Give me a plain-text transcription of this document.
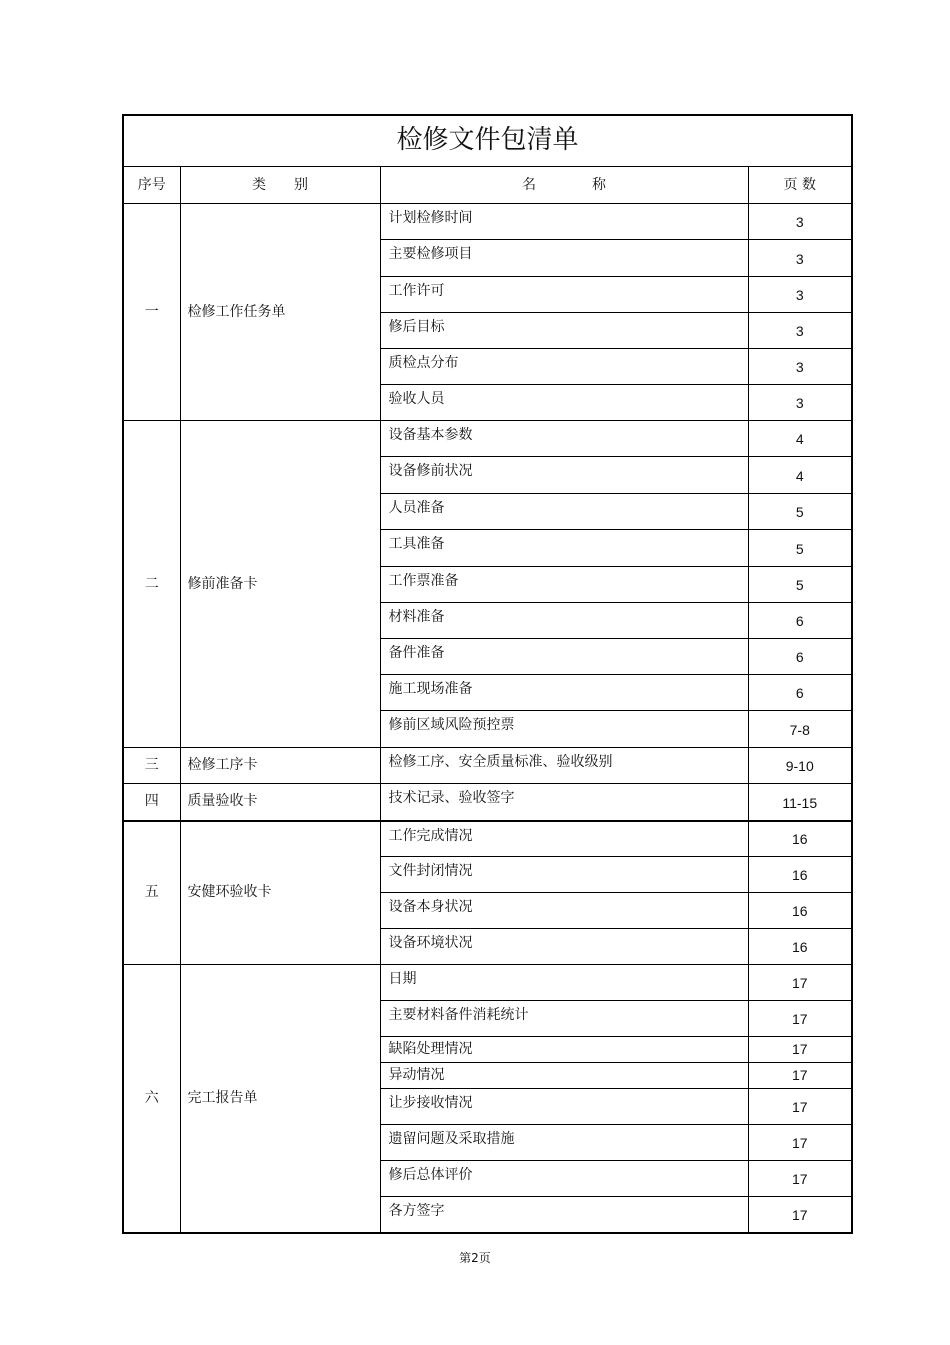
检修文件包清单			
序号	类　　别	名　　　　称	页 数
一	检修工作任务单	计划检修时间	3
		主要检修项目	3
		工作许可	3
		修后目标	3
		质检点分布	3
		验收人员	3
二	修前准备卡	设备基本参数	4
		设备修前状况	4
		人员准备	5
		工具准备	5
		工作票准备	5
		材料准备	6
		备件准备	6
		施工现场准备	6
		修前区域风险预控票	7-8
三	检修工序卡	检修工序、安全质量标准、验收级别	9-10
四	质量验收卡	技术记录、验收签字	11-15
五	安健环验收卡	工作完成情况	16
		文件封闭情况	16
		设备本身状况	16
		设备环境状况	16
六	完工报告单	日期	17
		主要材料备件消耗统计	17
		缺陷处理情况	17
		异动情况	17
		让步接收情况	17
		遗留问题及采取措施	17
		修后总体评价	17
		各方签字	17
第2页
